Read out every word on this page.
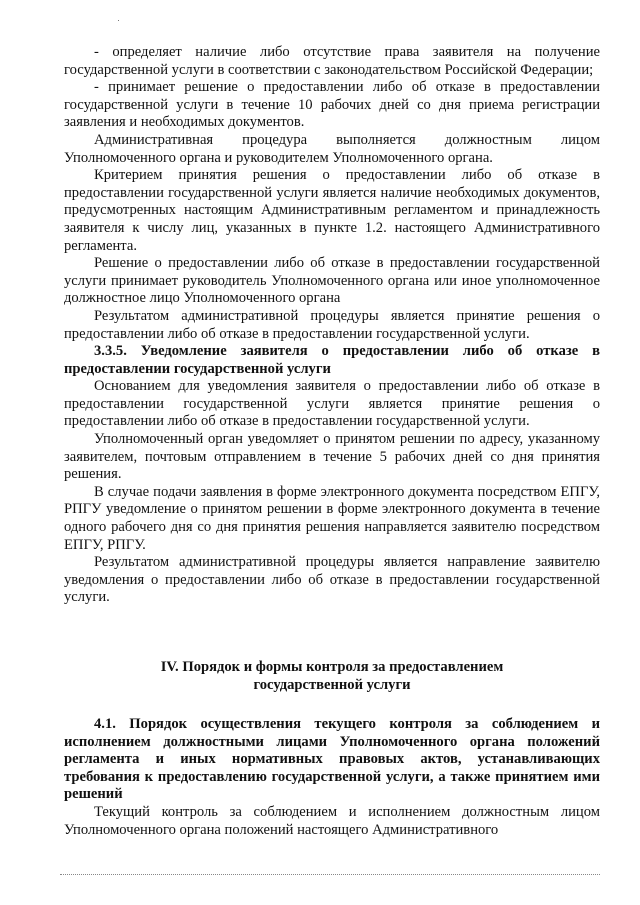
- определяет наличие либо отсутствие права заявителя на получение государственной услуги в соответствии с законодательством Российской Федерации;

- принимает решение о предоставлении либо об отказе в предоставлении государственной услуги в течение 10 рабочих дней со дня приема регистрации заявления и необходимых документов.

Административная процедура выполняется должностным лицом Уполномоченного органа и руководителем Уполномоченного органа.

Критерием принятия решения о предоставлении либо об отказе в предоставлении государственной услуги является наличие необходимых документов, предусмотренных настоящим Административным регламентом и принадлежность заявителя к числу лиц, указанных в пункте 1.2. настоящего Административного регламента.

Решение о предоставлении либо об отказе в предоставлении государственной услуги принимает руководитель Уполномоченного органа или иное уполномоченное должностное лицо Уполномоченного органа

Результатом административной процедуры является принятие решения о предоставлении либо об отказе в предоставлении государственной услуги.

3.3.5. Уведомление заявителя о предоставлении либо об отказе в предоставлении государственной услуги

Основанием для уведомления заявителя о предоставлении либо об отказе в предоставлении государственной услуги является принятие решения о предоставлении либо об отказе в предоставлении государственной услуги.

Уполномоченный орган уведомляет о принятом решении по адресу, указанному заявителем, почтовым отправлением в течение 5 рабочих дней со дня принятия решения.

В случае подачи заявления в форме электронного документа посредством ЕПГУ, РПГУ уведомление о принятом решении в форме электронного документа в течение одного рабочего дня со дня принятия решения направляется заявителю посредством ЕПГУ, РПГУ.

Результатом административной процедуры является направление заявителю уведомления о предоставлении либо об отказе в предоставлении государственной услуги.

IV. Порядок и формы контроля за предоставлением
государственной услуги

4.1. Порядок осуществления текущего контроля за соблюдением и исполнением должностными лицами Уполномоченного органа положений регламента и иных нормативных правовых актов, устанавливающих требования к предоставлению государственной услуги, а также принятием ими решений

Текущий контроль за соблюдением и исполнением должностным лицом Уполномоченного органа положений настоящего Административного
